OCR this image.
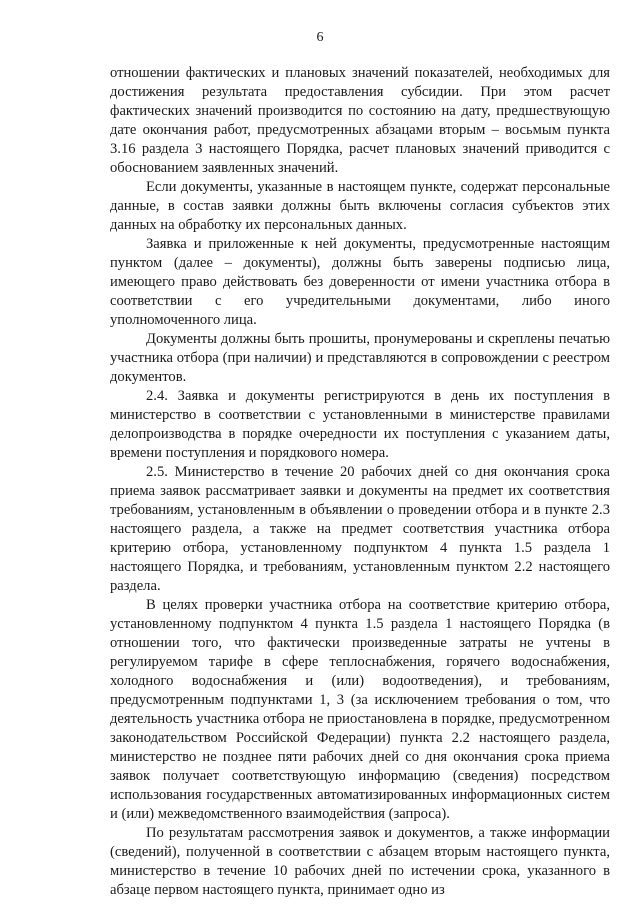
6

отношении фактических и плановых значений показателей, необходимых для достижения результата предоставления субсидии. При этом расчет фактических значений производится по состоянию на дату, предшествующую дате окончания работ, предусмотренных абзацами вторым – восьмым пункта 3.16 раздела 3 настоящего Порядка, расчет плановых значений приводится с обоснованием заявленных значений.

Если документы, указанные в настоящем пункте, содержат персональные данные, в состав заявки должны быть включены согласия субъектов этих данных на обработку их персональных данных.

Заявка и приложенные к ней документы, предусмотренные настоящим пунктом (далее – документы), должны быть заверены подписью лица, имеющего право действовать без доверенности от имени участника отбора в соответствии с его учредительными документами, либо иного уполномоченного лица.

Документы должны быть прошиты, пронумерованы и скреплены печатью участника отбора (при наличии) и представляются в сопровождении с реестром документов.

2.4. Заявка и документы регистрируются в день их поступления в министерство в соответствии с установленными в министерстве правилами делопроизводства в порядке очередности их поступления с указанием даты, времени поступления и порядкового номера.

2.5. Министерство в течение 20 рабочих дней со дня окончания срока приема заявок рассматривает заявки и документы на предмет их соответствия требованиям, установленным в объявлении о проведении отбора и в пункте 2.3 настоящего раздела, а также на предмет соответствия участника отбора критерию отбора, установленному подпунктом 4 пункта 1.5 раздела 1 настоящего Порядка, и требованиям, установленным пунктом 2.2 настоящего раздела.

В целях проверки участника отбора на соответствие критерию отбора, установленному подпунктом 4 пункта 1.5 раздела 1 настоящего Порядка (в отношении того, что фактически произведенные затраты не учтены в регулируемом тарифе в сфере теплоснабжения, горячего водоснабжения, холодного водоснабжения и (или) водоотведения), и требованиям, предусмотренным подпунктами 1, 3 (за исключением требования о том, что деятельность участника отбора не приостановлена в порядке, предусмотренном законодательством Российской Федерации) пункта 2.2 настоящего раздела, министерство не позднее пяти рабочих дней со дня окончания срока приема заявок получает соответствующую информацию (сведения) посредством использования государственных автоматизированных информационных систем и (или) межведомственного взаимодействия (запроса).

По результатам рассмотрения заявок и документов, а также информации (сведений), полученной в соответствии с абзацем вторым настоящего пункта, министерство в течение 10 рабочих дней по истечении срока, указанного в абзаце первом настоящего пункта, принимает одно из
